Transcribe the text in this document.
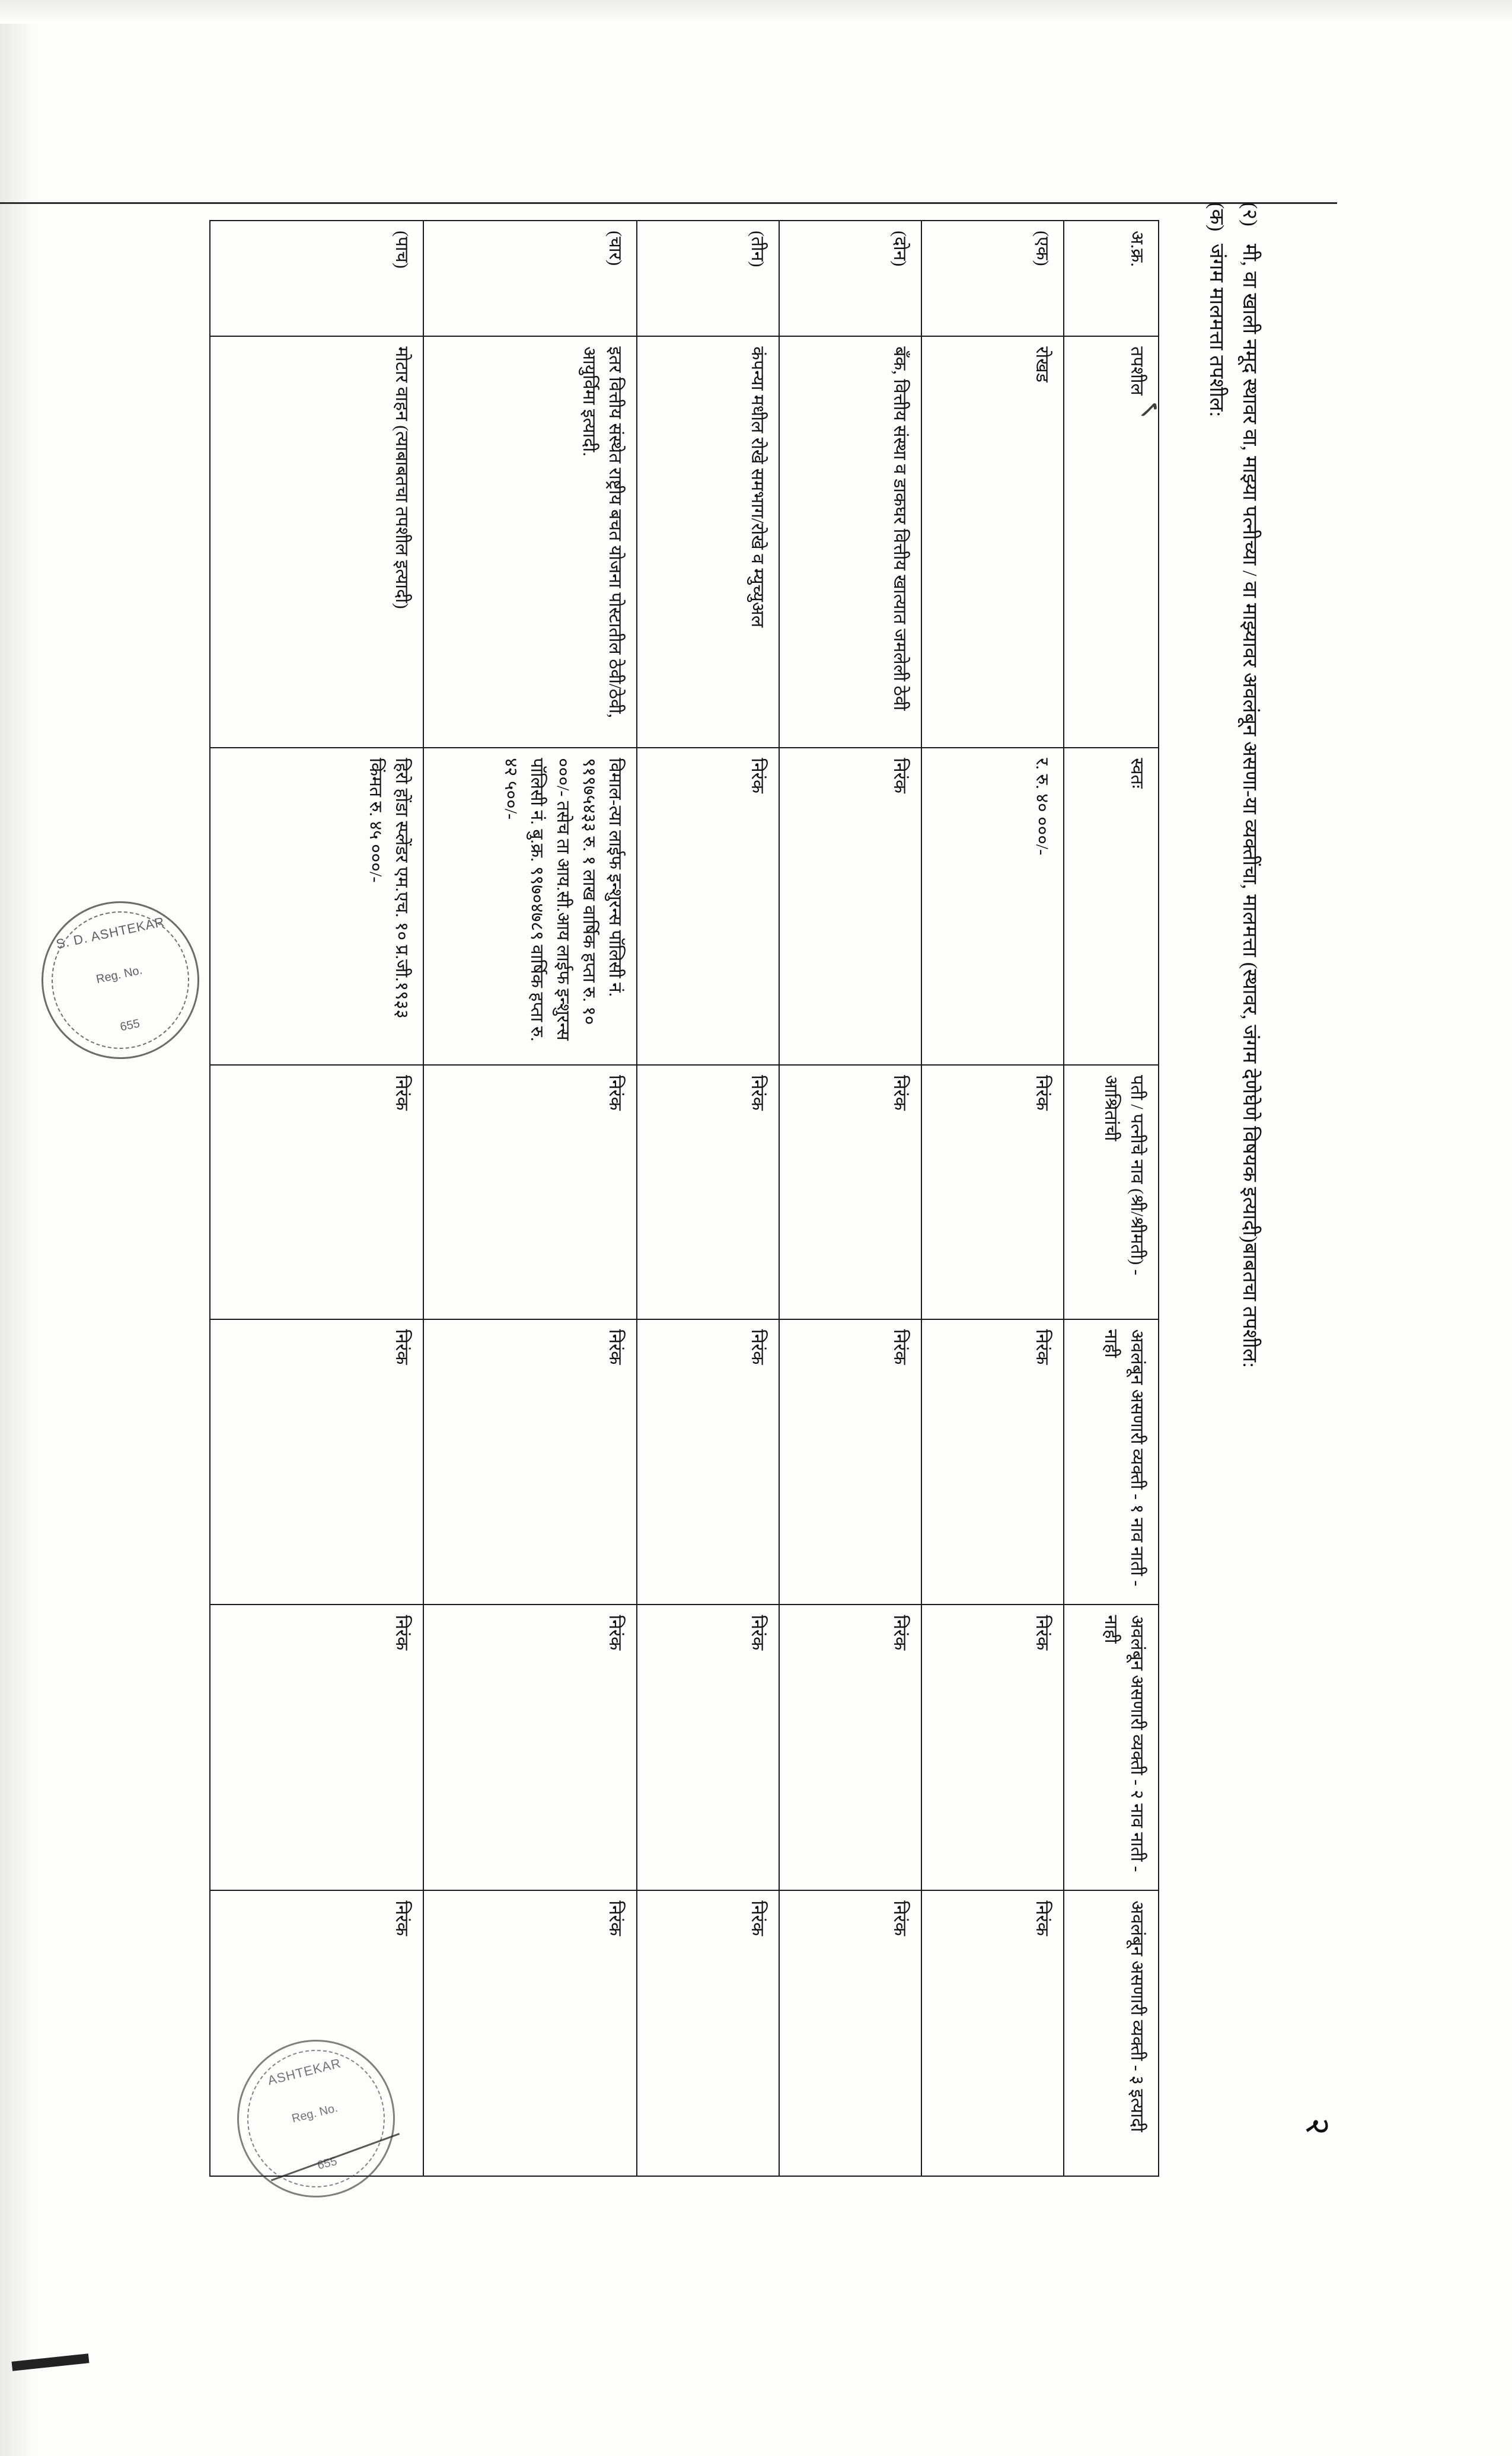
२
✓
(२)मी, वा खाली नमूद स्थावर वा, माझ्या पत्नीच्या / वा माझ्यावर अवलंबून असणा-या व्यक्तींचा, मालमत्ता (स्थावर, जंगम देणेघेणे विषयक इत्यादी)बाबतचा तपशील:
(क)जंगम मालमत्ता तपशील:
अ.क्र.	तपशील	स्वतः	पती / पत्नीचे नाव (श्री/श्रीमती) - आश्रितांची	अवलंबून असणारी व्यक्ती - १ नाव नाती - नाही	अवलंबून असणारी व्यक्ती - २ नाव नाती - नाही	अवलंबून असणारी व्यक्ती - ३ इत्यादी
(एक)	रोखड	र. रु. ४० ०००/-	निरंक	निरंक	निरंक	निरंक
(दोन)	बँक, वित्तीय संस्था व डाकघर वित्तीय खात्यात जमलेली ठेवी	निरंक	निरंक	निरंक	निरंक	निरंक
(तीन)	कंपन्या मधील रोखे समभाग/रोखे व म्युच्युअल	निरंक	निरंक	निरंक	निरंक	निरंक
(चार)	इतर वित्तीय संस्थेत राष्ट्रीय बचत योजना पोस्टातील ठेवी/ठेवी, आयुर्विमा इत्यादी.	विमाल-त्या लाईफ इन्शुरन्स पॉलिसी नं. ९१९७५४३३ रु. १ लाख वार्षिक हप्ता रु. १० ०००/- तसेच ता आय.सी.आय लाईफ इन्शुरन्स पॉलिसी नं. बु.क्र. ९९७०४७८९ वार्षिक हप्ता रु. ४२ ५००/-	निरंक	निरंक	निरंक	निरंक
(पाच)	मोटार वाहन (त्याबाबतचा तपशील इत्यादी)	हिरो होंडा स्प्लेंडर एम.एच. १० प्र.जी.१९३३ किंमत रु. ४५ ०००/-	निरंक	निरंक	निरंक	निरंक
S. D. ASHTEKAR
Reg. No.
655
ASHTEKAR
Reg. No.
655
